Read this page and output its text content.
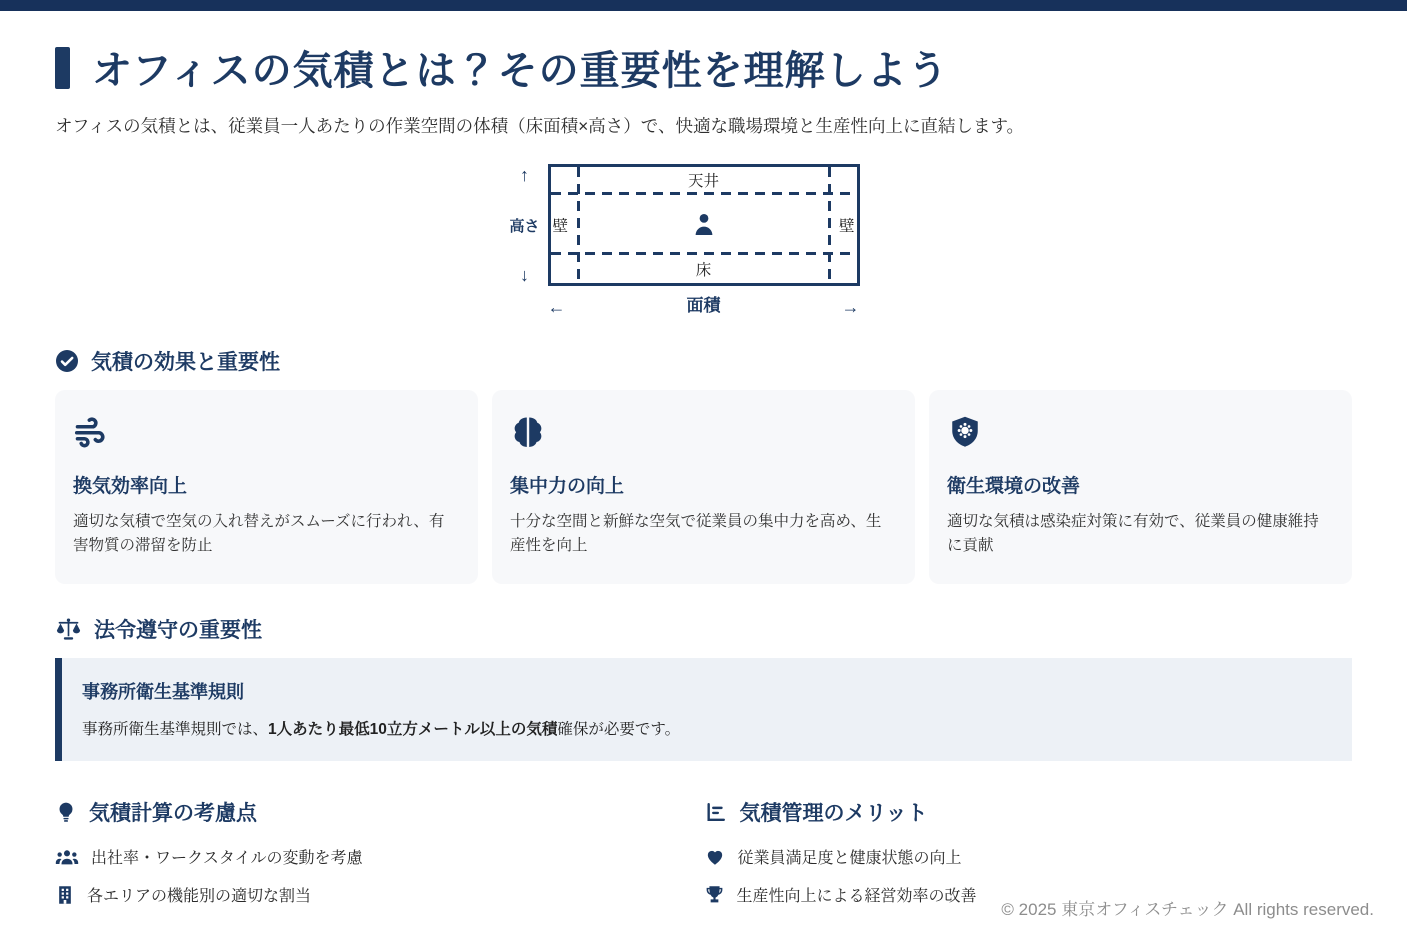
オフィスの気積とは？その重要性を理解しよう
オフィスの気積とは、従業員一人あたりの作業空間の体積（床面積×高さ）で、快適な職場環境と生産性向上に直結します。
↑
高さ
↓
天井
床
壁	壁
←	面積	→
気積の効果と重要性
換気効率向上
適切な気積で空気の入れ替えがスムーズに行われ、有害物質の滞留を防止
集中力の向上
十分な空間と新鮮な空気で従業員の集中力を高め、生産性を向上
衛生環境の改善
適切な気積は感染症対策に有効で、従業員の健康維持に貢献
法令遵守の重要性
事務所衛生基準規則
事務所衛生基準規則では、1人あたり最低10立方メートル以上の気積確保が必要です。
気積計算の考慮点
出社率・ワークスタイルの変動を考慮
各エリアの機能別の適切な割当
気積管理のメリット
従業員満足度と健康状態の向上
生産性向上による経営効率の改善
© 2025 東京オフィスチェック All rights reserved.
